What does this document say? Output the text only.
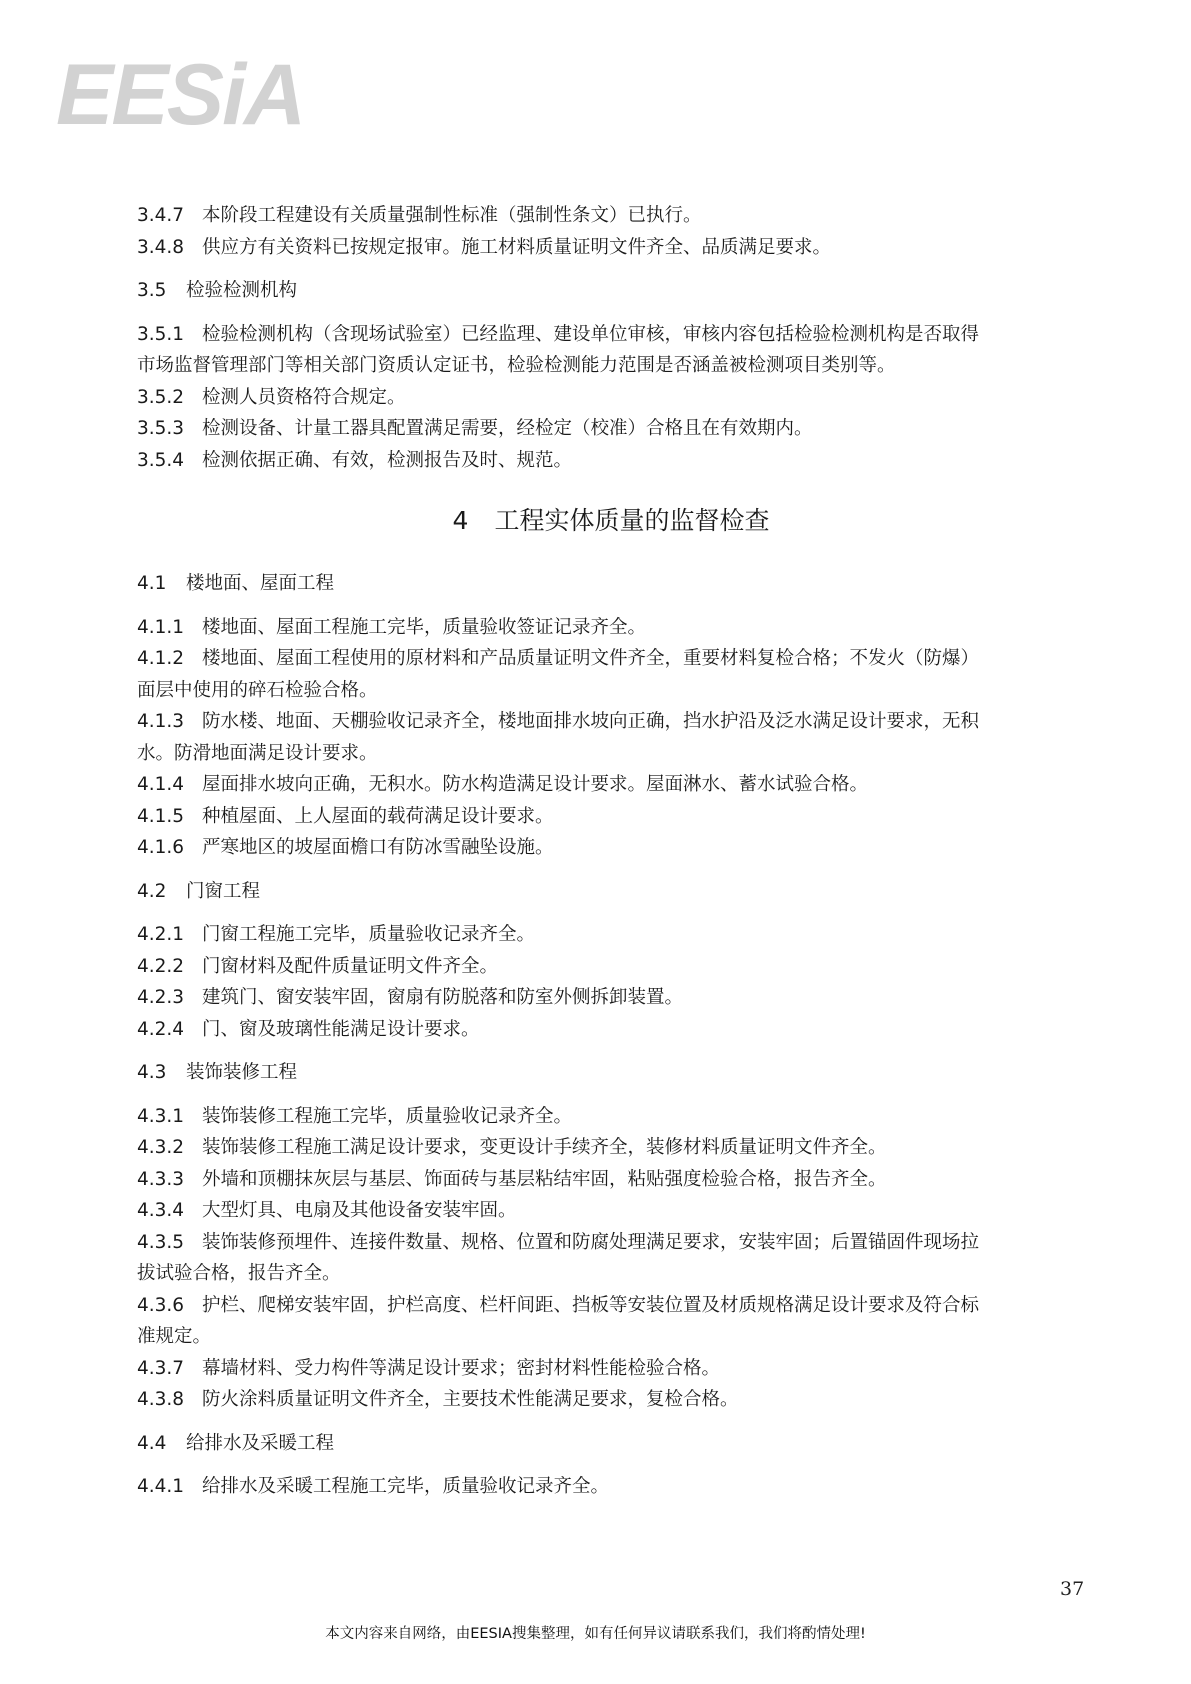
EESiA
3.4.7 本阶段工程建设有关质量强制性标准（强制性条文）已执行。
3.4.8 供应方有关资料已按规定报审。施工材料质量证明文件齐全、品质满足要求。
3.5 检验检测机构
3.5.1 检验检测机构（含现场试验室）已经监理、建设单位审核，审核内容包括检验检测机构是否取得
市场监督管理部门等相关部门资质认定证书，检验检测能力范围是否涵盖被检测项目类别等。
3.5.2 检测人员资格符合规定。
3.5.3 检测设备、计量工器具配置满足需要，经检定（校准）合格且在有效期内。
3.5.4 检测依据正确、有效，检测报告及时、规范。
4 工程实体质量的监督检查
4.1 楼地面、屋面工程
4.1.1 楼地面、屋面工程施工完毕，质量验收签证记录齐全。
4.1.2 楼地面、屋面工程使用的原材料和产品质量证明文件齐全，重要材料复检合格；不发火（防爆）
面层中使用的碎石检验合格。
4.1.3 防水楼、地面、天棚验收记录齐全，楼地面排水坡向正确，挡水护沿及泛水满足设计要求，无积
水。防滑地面满足设计要求。
4.1.4 屋面排水坡向正确，无积水。防水构造满足设计要求。屋面淋水、蓄水试验合格。
4.1.5 种植屋面、上人屋面的载荷满足设计要求。
4.1.6 严寒地区的坡屋面檐口有防冰雪融坠设施。
4.2 门窗工程
4.2.1 门窗工程施工完毕，质量验收记录齐全。
4.2.2 门窗材料及配件质量证明文件齐全。
4.2.3 建筑门、窗安装牢固，窗扇有防脱落和防室外侧拆卸装置。
4.2.4 门、窗及玻璃性能满足设计要求。
4.3 装饰装修工程
4.3.1 装饰装修工程施工完毕，质量验收记录齐全。
4.3.2 装饰装修工程施工满足设计要求，变更设计手续齐全，装修材料质量证明文件齐全。
4.3.3 外墙和顶棚抹灰层与基层、饰面砖与基层粘结牢固，粘贴强度检验合格，报告齐全。
4.3.4 大型灯具、电扇及其他设备安装牢固。
4.3.5 装饰装修预埋件、连接件数量、规格、位置和防腐处理满足要求，安装牢固；后置锚固件现场拉
拔试验合格，报告齐全。
4.3.6 护栏、爬梯安装牢固，护栏高度、栏杆间距、挡板等安装位置及材质规格满足设计要求及符合标
准规定。
4.3.7 幕墙材料、受力构件等满足设计要求；密封材料性能检验合格。
4.3.8 防火涂料质量证明文件齐全，主要技术性能满足要求，复检合格。
4.4 给排水及采暖工程
4.4.1 给排水及采暖工程施工完毕，质量验收记录齐全。
37
本文内容来自网络，由EESIA搜集整理，如有任何异议请联系我们，我们将酌情处理!
